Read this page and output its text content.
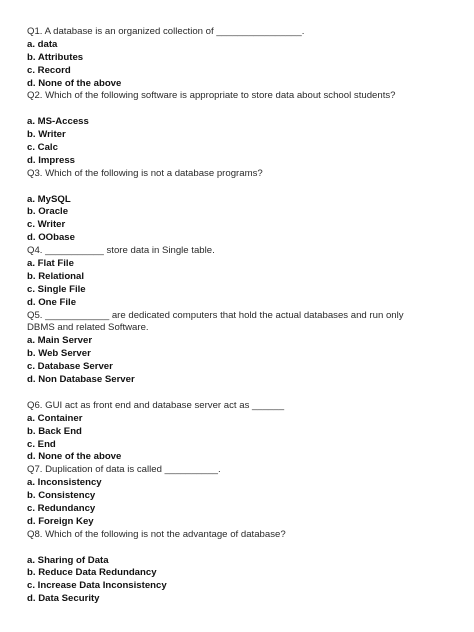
Q1. A database is an organized collection of ________________.
a. data
b. Attributes
c. Record
d. None of the above
Q2. Which of the following software is appropriate to store data about school students?
a. MS-Access
b. Writer
c. Calc
d. Impress
Q3. Which of the following is not a database programs?
a. MySQL
b. Oracle
c. Writer
d. OObase
Q4. ___________ store data in Single table.
a. Flat File
b. Relational
c. Single File
d. One File
Q5. ____________ are dedicated computers that hold the actual databases and run only
DBMS and related Software.
a. Main Server
b. Web Server
c. Database Server
d. Non Database Server
Q6. GUI act as front end and database server act as ______
a. Container
b. Back End
c. End
d. None of the above
Q7. Duplication of data is called __________.
a. Inconsistency
b. Consistency
c. Redundancy
d. Foreign Key
Q8. Which of the following is not the advantage of database?
a. Sharing of Data
b. Reduce Data Redundancy
c. Increase Data Inconsistency
d. Data Security
